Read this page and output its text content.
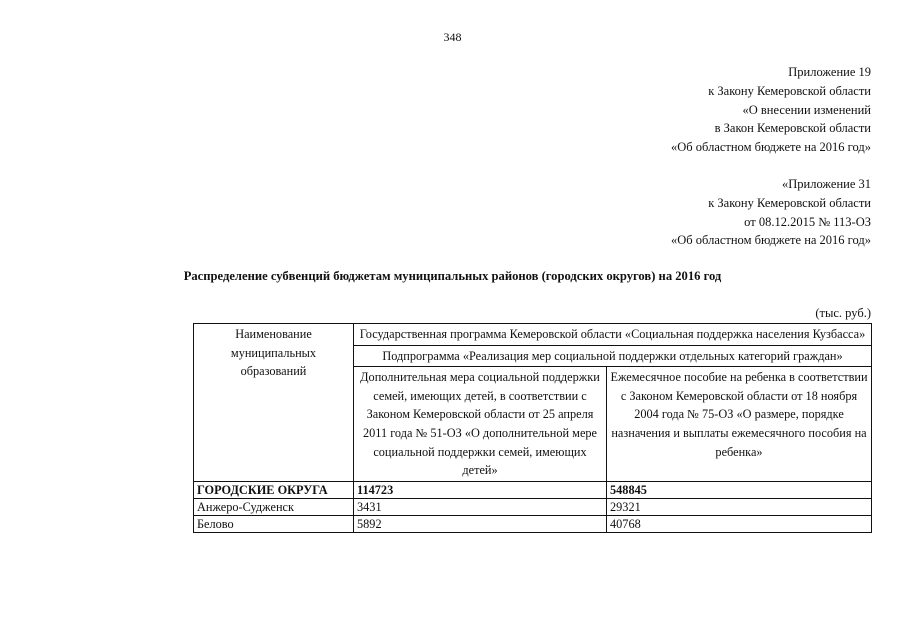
348
Приложение 19
к Закону Кемеровской области
«О внесении изменений
в Закон Кемеровской области
«Об областном бюджете на 2016 год»
«Приложение 31
к Закону Кемеровской области
от 08.12.2015 № 113-ОЗ
«Об областном бюджете на 2016 год»
Распределение субвенций бюджетам муниципальных районов (городских округов) на 2016 год
(тыс. руб.)
Наименование муниципальных образований	Государственная программа Кемеровской области «Социальная поддержка населения Кузбасса»	
	Подпрограмма «Реализация мер социальной поддержки отдельных категорий граждан»	
	Дополнительная мера социальной поддержки семей, имеющих детей, в соответствии с Законом Кемеровской области от 25 апреля 2011 года № 51-ОЗ «О дополнительной мере социальной поддержки семей, имеющих детей»	Ежемесячное пособие на ребенка в соответствии с Законом Кемеровской области от 18 ноября 2004 года № 75-ОЗ «О размере, порядке назначения и выплаты ежемесячного пособия на ребенка»
ГОРОДСКИЕ ОКРУГА	114723	548845
Анжеро-Судженск	3431	29321
Белово	5892	40768
